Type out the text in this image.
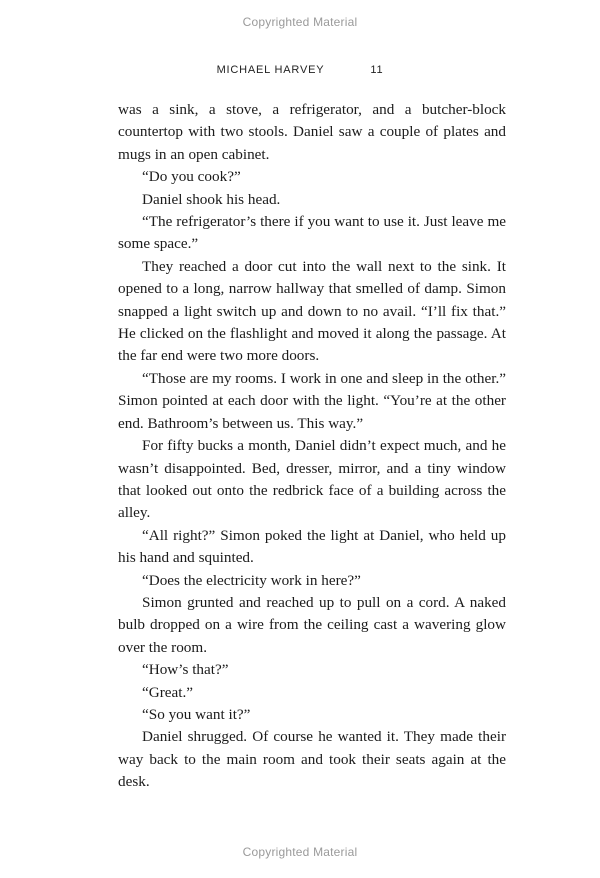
Copyrighted Material
MICHAEL HARVEY	11

was a sink, a stove, a refrigerator, and a butcher-block countertop with two stools. Daniel saw a couple of plates and mugs in an open cabinet.

“Do you cook?”

Daniel shook his head.

“The refrigerator’s there if you want to use it. Just leave me some space.”

They reached a door cut into the wall next to the sink. It opened to a long, narrow hallway that smelled of damp. Simon snapped a light switch up and down to no avail. “I’ll fix that.” He clicked on the flashlight and moved it along the passage. At the far end were two more doors.

“Those are my rooms. I work in one and sleep in the other.” Simon pointed at each door with the light. “You’re at the other end. Bathroom’s between us. This way.”

For fifty bucks a month, Daniel didn’t expect much, and he wasn’t disappointed. Bed, dresser, mirror, and a tiny window that looked out onto the redbrick face of a building across the alley.

“All right?” Simon poked the light at Daniel, who held up his hand and squinted.

“Does the electricity work in here?”

Simon grunted and reached up to pull on a cord. A naked bulb dropped on a wire from the ceiling cast a wavering glow over the room.

“How’s that?”

“Great.”

“So you want it?”

Daniel shrugged. Of course he wanted it. They made their way back to the main room and took their seats again at the desk.

Copyrighted Material
